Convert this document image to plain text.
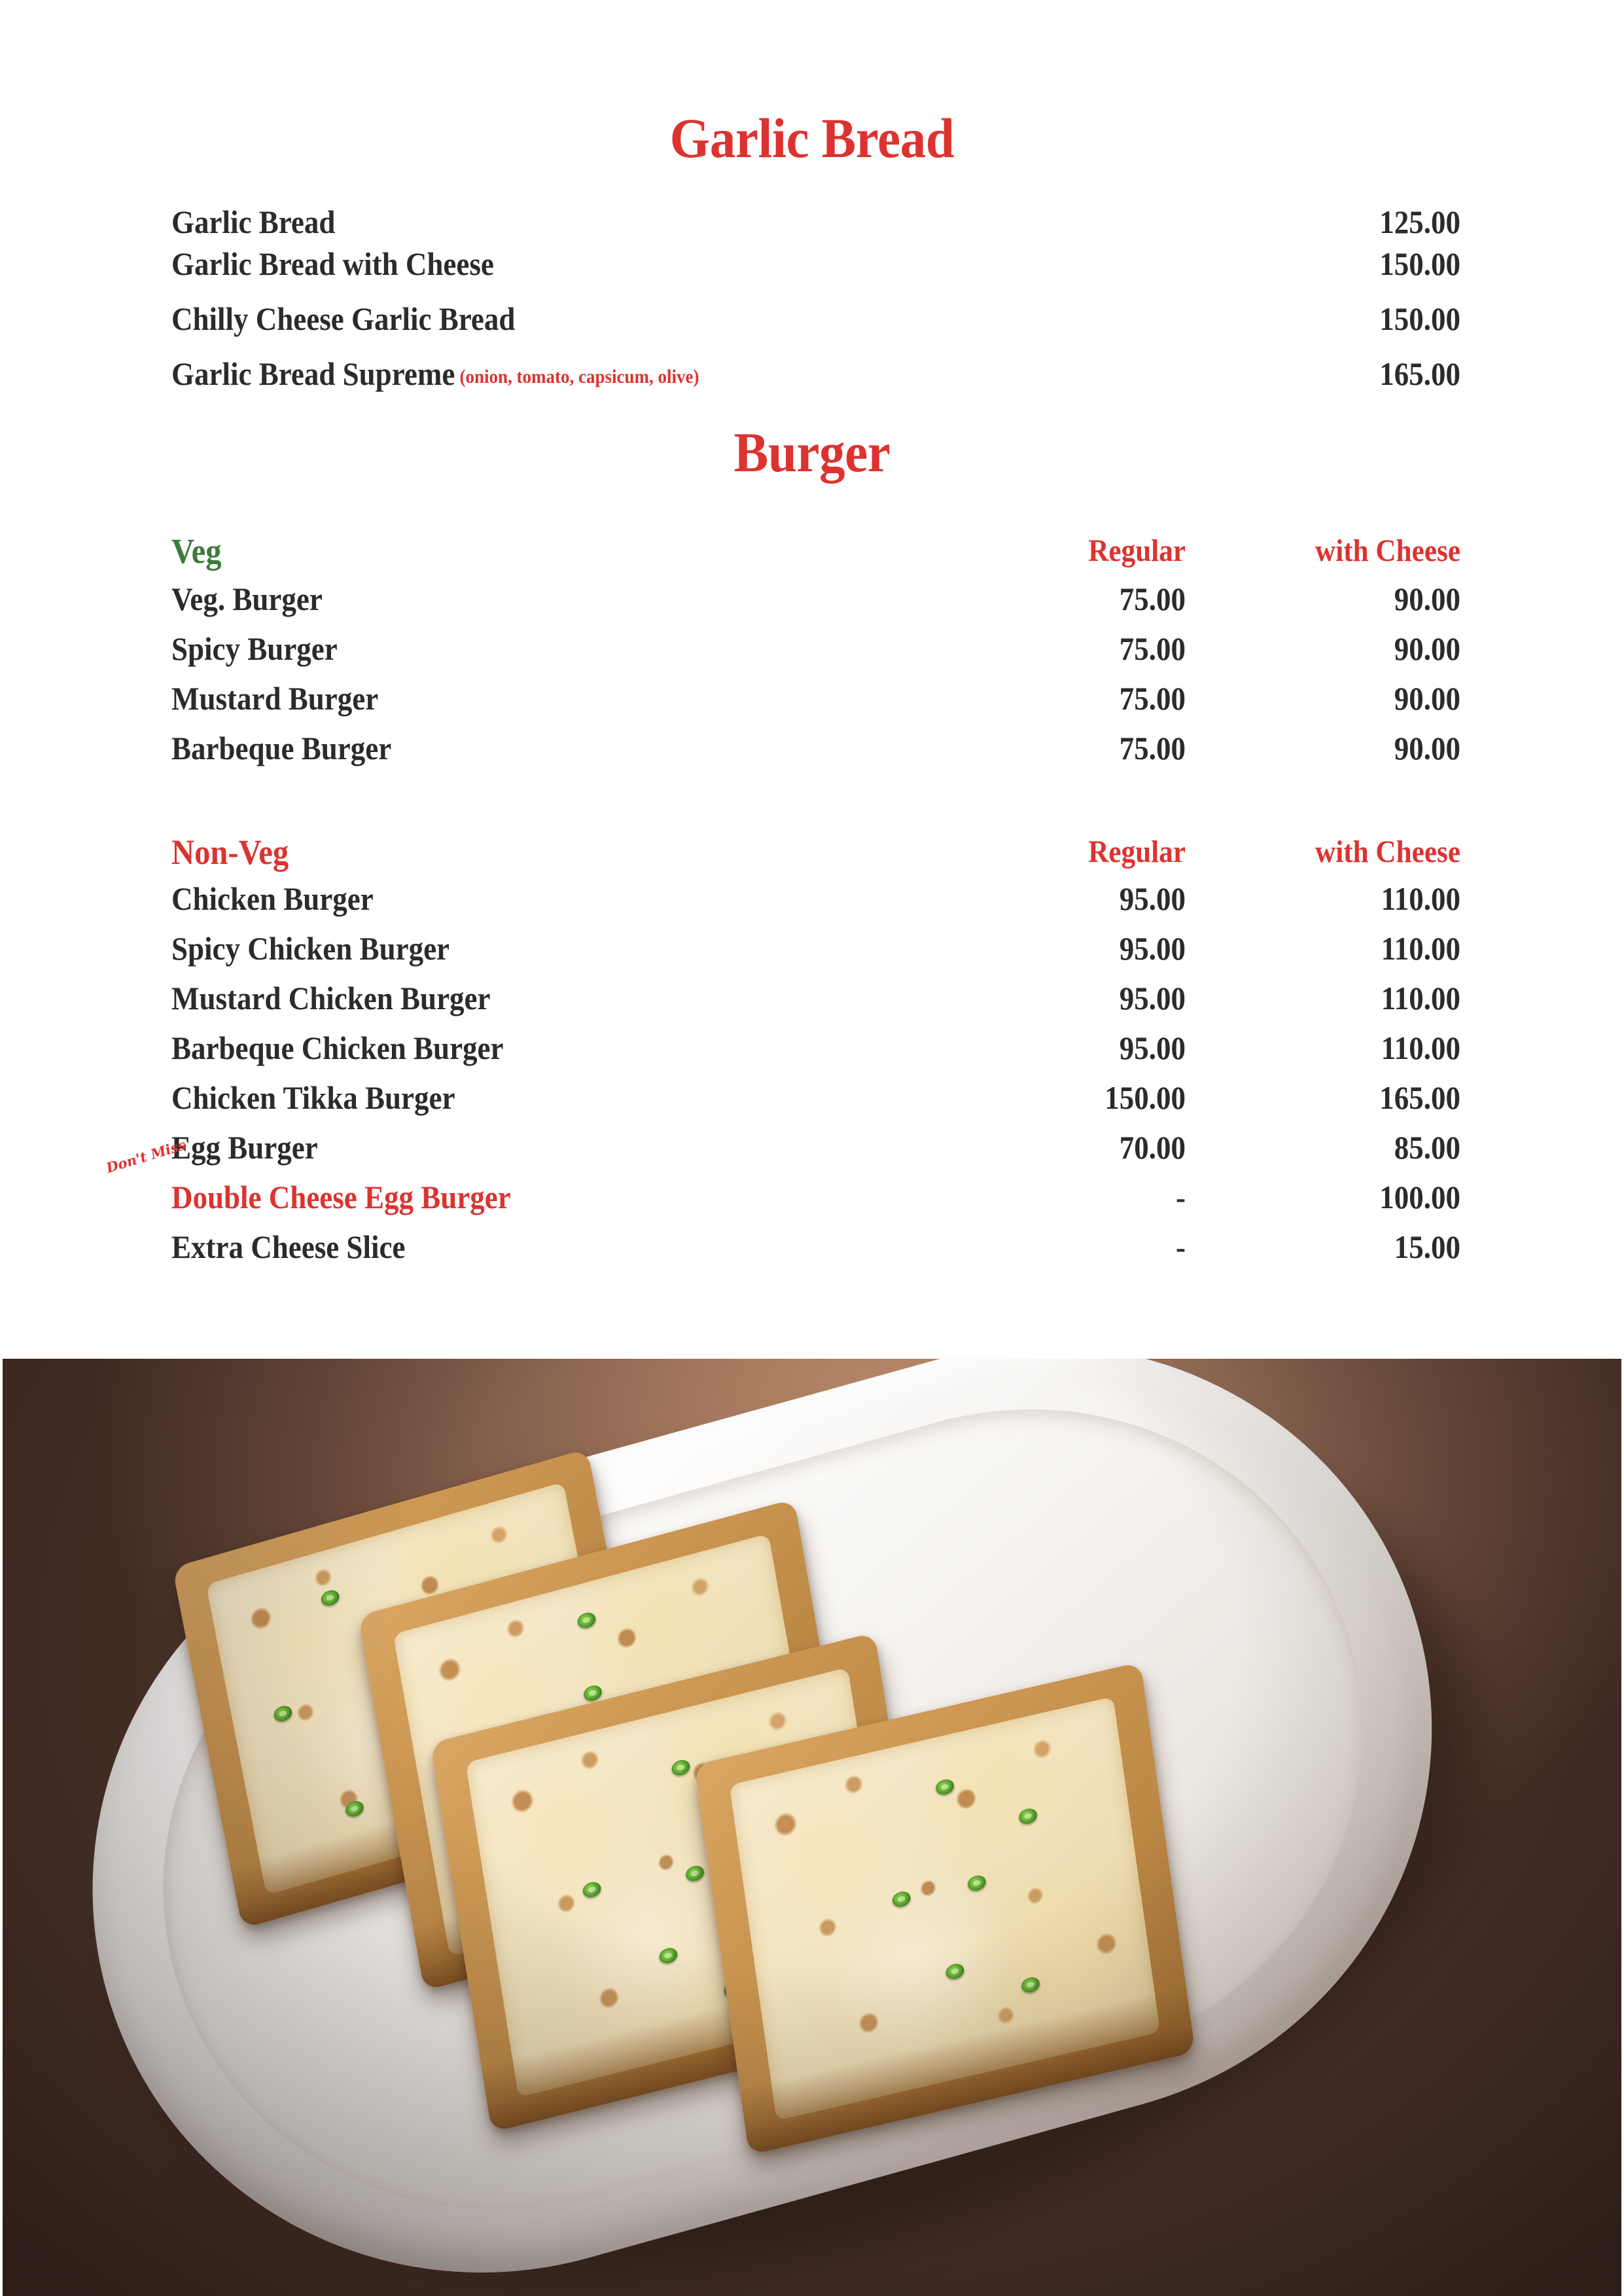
Garlic Bread
Garlic Bread	125.00
Garlic Bread with Cheese	150.00
Chilly Cheese Garlic Bread	150.00
Garlic Bread Supreme (onion, tomato, capsicum, olive)	165.00
Burger
Veg	Regular	with Cheese
Veg. Burger	75.00	90.00
Spicy Burger	75.00	90.00
Mustard Burger	75.00	90.00
Barbeque Burger	75.00	90.00
Non-Veg	Regular	with Cheese
Chicken Burger	95.00	110.00
Spicy Chicken Burger	95.00	110.00
Mustard Chicken Burger	95.00	110.00
Barbeque Chicken Burger	95.00	110.00
Chicken Tikka Burger	150.00	165.00
Egg Burger	70.00	85.00
Don't Miss
Double Cheese Egg Burger	-	100.00
Extra Cheese Slice	-	15.00
